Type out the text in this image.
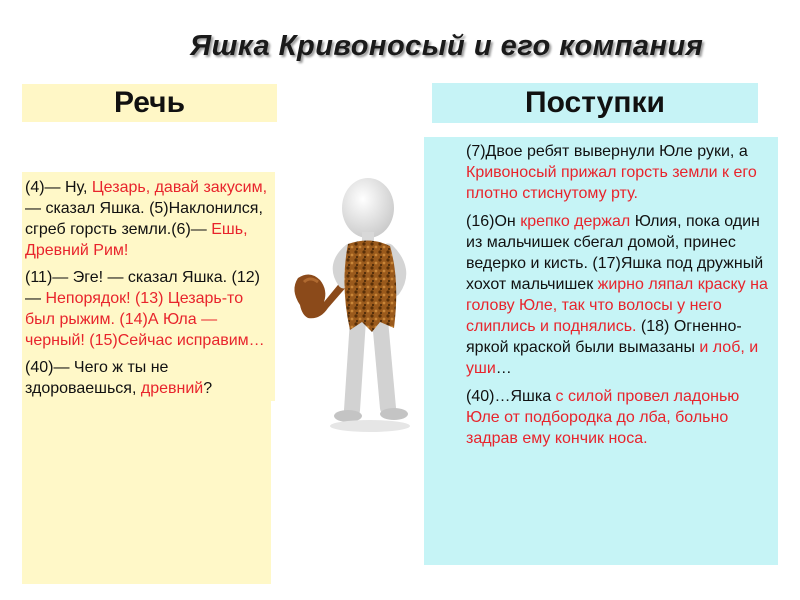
Яшка Кривоносый и его компания
Речь	Поступки

(4)— Ну, Цезарь, давай закусим, — сказал Яшка. (5)Наклонился, сгреб горсть земли.(6)— Ешь, Древний Рим!

(11)— Эге! — сказал Яшка. (12)— Непорядок! (13) Цезарь-то был рыжим. (14)А Юла — черный! (15)Сейчас исправим…

(40)— Чего ж ты не здороваешься, древний?

(7)Двое ребят вывернули Юле руки, а Кривоносый прижал горсть земли к его плотно стиснутому рту.
(16)Он крепко держал Юлия, пока один из мальчишек сбегал домой, принес ведерко и кисть. (17)Яшка под дружный хохот мальчишек жирно ляпал краску на голову Юле, так что волосы у него слиплись и поднялись. (18) Огненно-яркой краской были вымазаны и лоб, и уши…
(40)…Яшка с силой провел ладонью Юле от подбородка до лба, больно задрав ему кончик носа.
